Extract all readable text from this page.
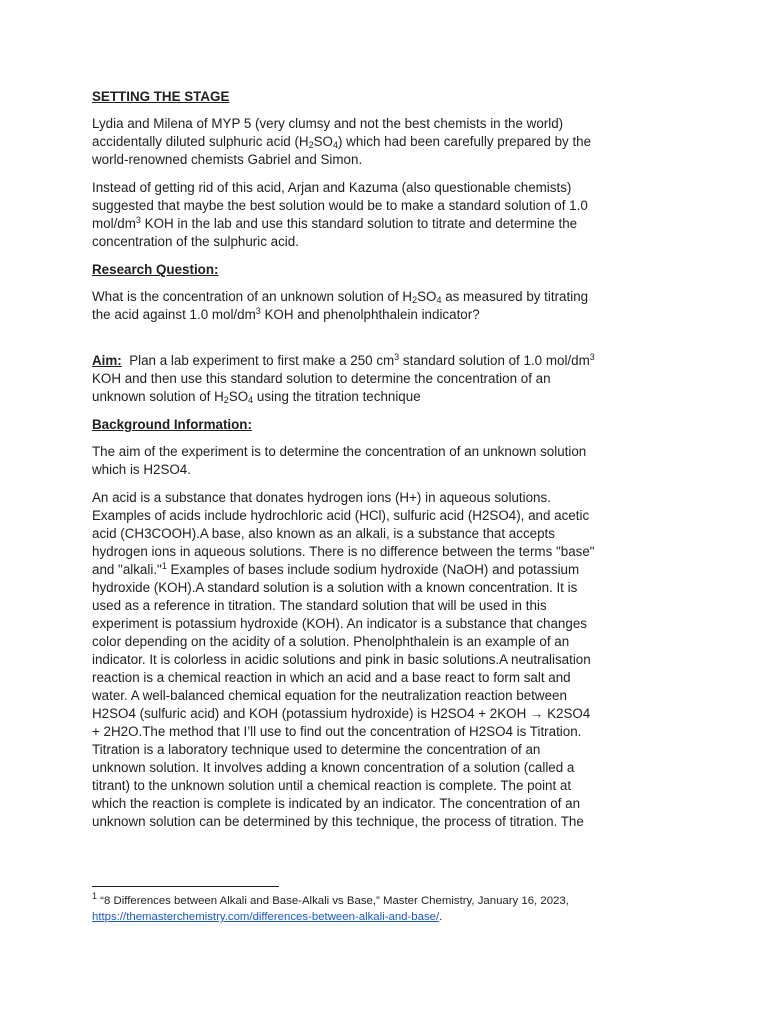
SETTING THE STAGE

Lydia and Milena of MYP 5 (very clumsy and not the best chemists in the world)
accidentally diluted sulphuric acid $(H_2SO_4)$ which had been carefully prepared by the
world-renowned chemists Gabriel and Simon.

Instead of getting rid of this acid, Arjan and Kazuma (also questionable chemists)
suggested that maybe the best solution would be to make a standard solution of 1.0
mol/$dm^3$ KOH in the lab and use this standard solution to titrate and determine the
concentration of the sulphuric acid.

Research Question:

What is the concentration of an unknown solution of $H_2SO_4$ as measured by titrating
the acid against 1.0 mol/$dm^3$ KOH and phenolphthalein indicator?

Aim:  Plan a lab experiment to first make a 250 $cm^3$ standard solution of 1.0 mol/$dm^3$
KOH and then use this standard solution to determine the concentration of an
unknown solution of $H_2SO_4$ using the titration technique

Background Information:

The aim of the experiment is to determine the concentration of an unknown solution
which is H2SO4.

An acid is a substance that donates hydrogen ions (H+) in aqueous solutions.
Examples of acids include hydrochloric acid (HCl), sulfuric acid (H2SO4), and acetic
acid (CH3COOH).A base, also known as an alkali, is a substance that accepts
hydrogen ions in aqueous solutions. There is no difference between the terms "base"
and "alkali."$^1$ Examples of bases include sodium hydroxide (NaOH) and potassium
hydroxide (KOH).A standard solution is a solution with a known concentration. It is
used as a reference in titration. The standard solution that will be used in this
experiment is potassium hydroxide (KOH). An indicator is a substance that changes
color depending on the acidity of a solution. Phenolphthalein is an example of an
indicator. It is colorless in acidic solutions and pink in basic solutions.A neutralisation
reaction is a chemical reaction in which an acid and a base react to form salt and
water. A well-balanced chemical equation for the neutralization reaction between
H2SO4 (sulfuric acid) and KOH (potassium hydroxide) is H2SO4 + 2KOH → K2SO4
+ 2H2O.The method that I’ll use to find out the concentration of H2SO4 is Titration.
Titration is a laboratory technique used to determine the concentration of an
unknown solution. It involves adding a known concentration of a solution (called a
titrant) to the unknown solution until a chemical reaction is complete. The point at
which the reaction is complete is indicated by an indicator. The concentration of an
unknown solution can be determined by this technique, the process of titration. The

$^1$ “8 Differences between Alkali and Base-Alkali vs Base,” Master Chemistry, January 16, 2023,
https://themasterchemistry.com/differences-between-alkali-and-base/.
